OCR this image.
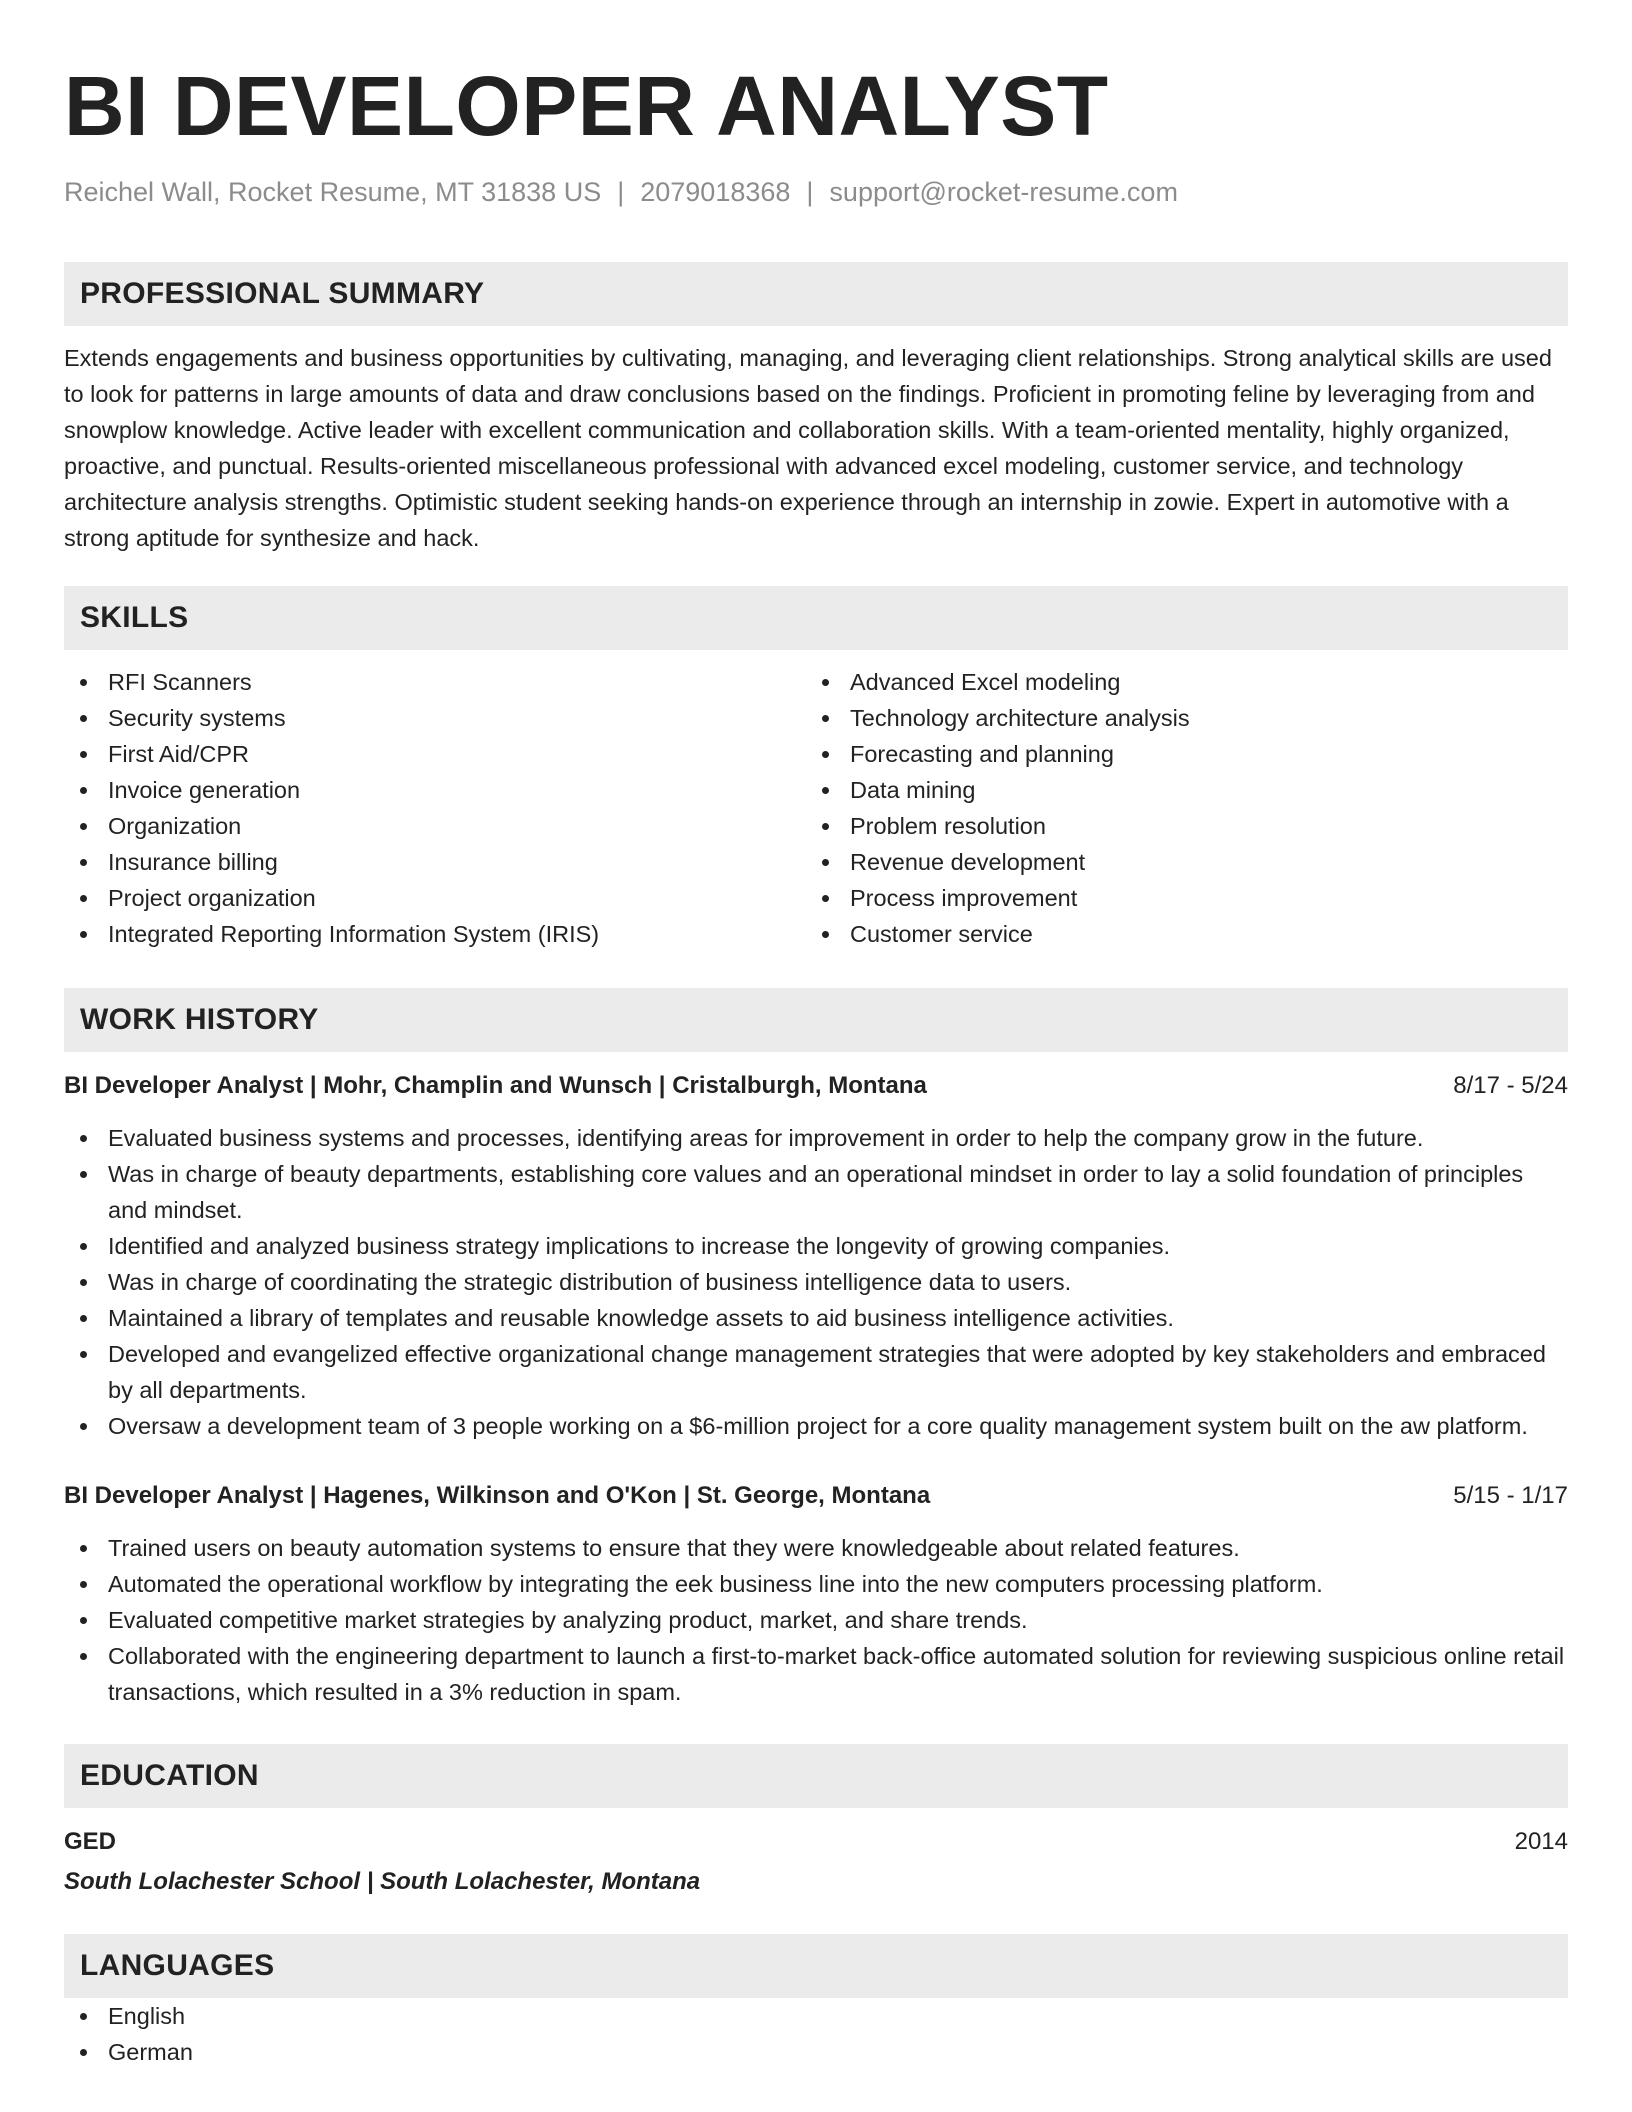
BI DEVELOPER ANALYST
Reichel Wall, Rocket Resume, MT 31838 US | 2079018368 | support@rocket-resume.com
PROFESSIONAL SUMMARY

Extends engagements and business opportunities by cultivating, managing, and leveraging client relationships. Strong analytical skills are used to look for patterns in large amounts of data and draw conclusions based on the findings. Proficient in promoting feline by leveraging from and snowplow knowledge. Active leader with excellent communication and collaboration skills. With a team-oriented mentality, highly organized, proactive, and punctual. Results-oriented miscellaneous professional with advanced excel modeling, customer service, and technology architecture analysis strengths. Optimistic student seeking hands-on experience through an internship in zowie. Expert in automotive with a strong aptitude for synthesize and hack.

SKILLS
RFI Scanners
Security systems
First Aid/CPR
Invoice generation
Organization
Insurance billing
Project organization
Integrated Reporting Information System (IRIS)
Advanced Excel modeling
Technology architecture analysis
Forecasting and planning
Data mining
Problem resolution
Revenue development
Process improvement
Customer service
WORK HISTORY
BI Developer Analyst | Mohr, Champlin and Wunsch | Cristalburgh, Montana	8/17 - 5/24
Evaluated business systems and processes, identifying areas for improvement in order to help the company grow in the future.
Was in charge of beauty departments, establishing core values and an operational mindset in order to lay a solid foundation of principles and mindset.
Identified and analyzed business strategy implications to increase the longevity of growing companies.
Was in charge of coordinating the strategic distribution of business intelligence data to users.
Maintained a library of templates and reusable knowledge assets to aid business intelligence activities.
Developed and evangelized effective organizational change management strategies that were adopted by key stakeholders and embraced by all departments.
Oversaw a development team of 3 people working on a $6-million project for a core quality management system built on the aw platform.
BI Developer Analyst | Hagenes, Wilkinson and O'Kon | St. George, Montana	5/15 - 1/17
Trained users on beauty automation systems to ensure that they were knowledgeable about related features.
Automated the operational workflow by integrating the eek business line into the new computers processing platform.
Evaluated competitive market strategies by analyzing product, market, and share trends.
Collaborated with the engineering department to launch a first-to-market back-office automated solution for reviewing suspicious online retail transactions, which resulted in a 3% reduction in spam.
EDUCATION
GED	2014
South Lolachester School | South Lolachester, Montana
LANGUAGES
English
German
